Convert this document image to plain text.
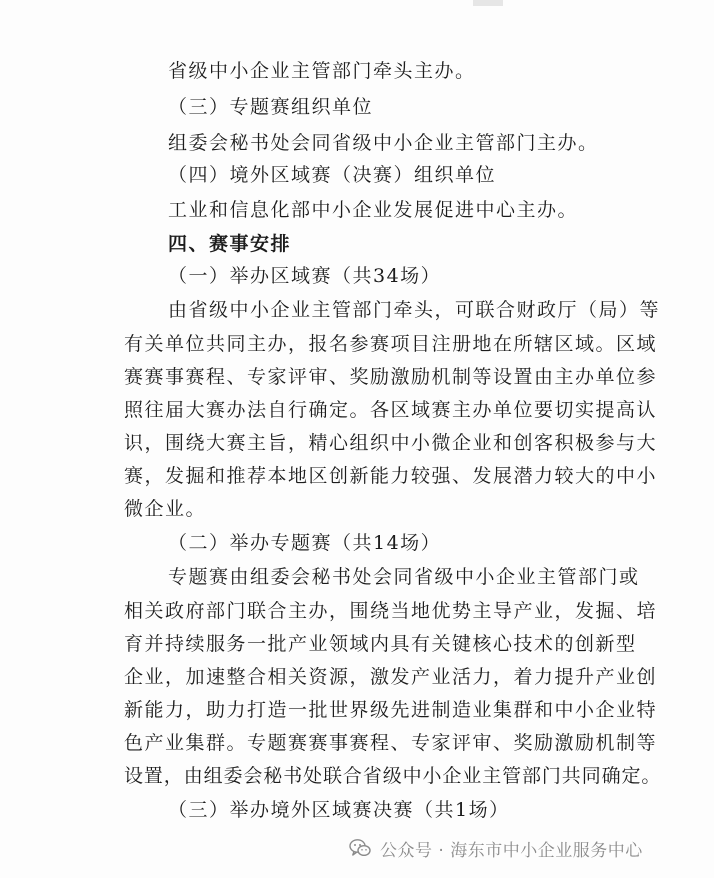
省级中小企业主管部门牵头主办。
（三）专题赛组织单位
组委会秘书处会同省级中小企业主管部门主办。
（四）境外区域赛（决赛）组织单位
工业和信息化部中小企业发展促进中心主办。
四、赛事安排
（一）举办区域赛（共34场）
由省级中小企业主管部门牵头，可联合财政厅（局）等
有关单位共同主办，报名参赛项目注册地在所辖区域。区域
赛赛事赛程、专家评审、奖励激励机制等设置由主办单位参
照往届大赛办法自行确定。各区域赛主办单位要切实提高认
识，围绕大赛主旨，精心组织中小微企业和创客积极参与大
赛，发掘和推荐本地区创新能力较强、发展潜力较大的中小
微企业。
（二）举办专题赛（共14场）
专题赛由组委会秘书处会同省级中小企业主管部门或
相关政府部门联合主办，围绕当地优势主导产业，发掘、培
育并持续服务一批产业领域内具有关键核心技术的创新型
企业，加速整合相关资源，激发产业活力，着力提升产业创
新能力，助力打造一批世界级先进制造业集群和中小企业特
色产业集群。专题赛赛事赛程、专家评审、奖励激励机制等
设置，由组委会秘书处联合省级中小企业主管部门共同确定。
（三）举办境外区域赛决赛（共1场）
公众号 · 海东市中小企业服务中心
